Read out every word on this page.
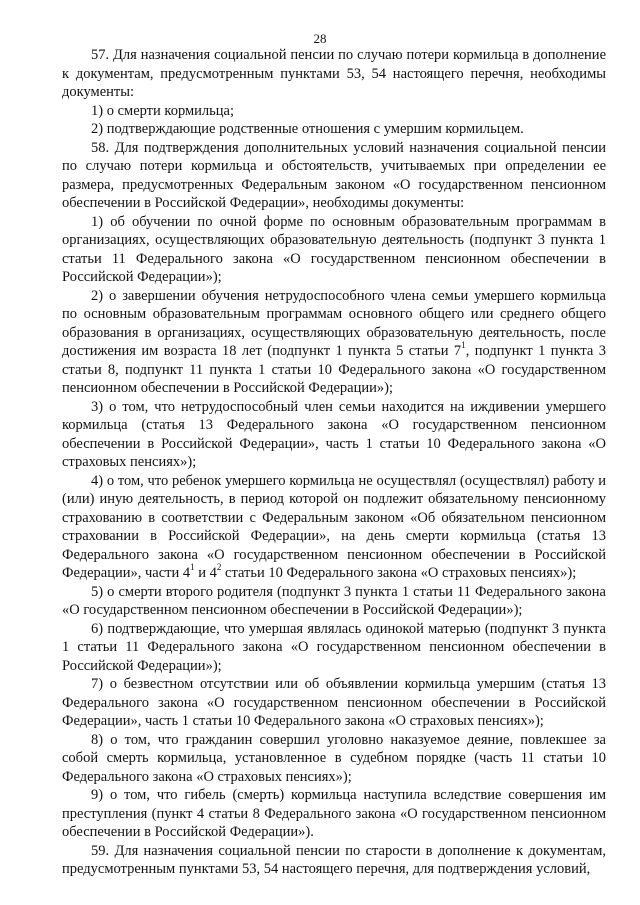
28

57. Для назначения социальной пенсии по случаю потери кормильца в дополнение к документам, предусмотренным пунктами 53, 54 настоящего перечня, необходимы документы:

1) о смерти кормильца;

2) подтверждающие родственные отношения с умершим кормильцем.

58. Для подтверждения дополнительных условий назначения социальной пенсии по случаю потери кормильца и обстоятельств, учитываемых при определении ее размера, предусмотренных Федеральным законом «О государственном пенсионном обеспечении в Российской Федерации», необходимы документы:

1) об обучении по очной форме по основным образовательным программам в организациях, осуществляющих образовательную деятельность (подпункт 3 пункта 1 статьи 11 Федерального закона «О государственном пенсионном обеспечении в Российской Федерации»);

2) о завершении обучения нетрудоспособного члена семьи умершего кормильца по основным образовательным программам основного общего или среднего общего образования в организациях, осуществляющих образовательную деятельность, после достижения им возраста 18 лет (подпункт 1 пункта 5 статьи $7^1$, подпункт 1 пункта 3 статьи 8, подпункт 11 пункта 1 статьи 10 Федерального закона «О государственном пенсионном обеспечении в Российской Федерации»);

3) о том, что нетрудоспособный член семьи находится на иждивении умершего кормильца (статья 13 Федерального закона «О государственном пенсионном обеспечении в Российской Федерации», часть 1 статьи 10 Федерального закона «О страховых пенсиях»);

4) о том, что ребенок умершего кормильца не осуществлял (осуществлял) работу и (или) иную деятельность, в период которой он подлежит обязательному пенсионному страхованию в соответствии с Федеральным законом «Об обязательном пенсионном страховании в Российской Федерации», на день смерти кормильца (статья 13 Федерального закона «О государственном пенсионном обеспечении в Российской Федерации», части $4^1$ и $4^2$ статьи 10 Федерального закона «О страховых пенсиях»);

5) о смерти второго родителя (подпункт 3 пункта 1 статьи 11 Федерального закона «О государственном пенсионном обеспечении в Российской Федерации»);

6) подтверждающие, что умершая являлась одинокой матерью (подпункт 3 пункта 1 статьи 11 Федерального закона «О государственном пенсионном обеспечении в Российской Федерации»);

7) о безвестном отсутствии или об объявлении кормильца умершим (статья 13 Федерального закона «О государственном пенсионном обеспечении в Российской Федерации», часть 1 статьи 10 Федерального закона «О страховых пенсиях»);

8) о том, что гражданин совершил уголовно наказуемое деяние, повлекшее за собой смерть кормильца, установленное в судебном порядке (часть 11 статьи 10 Федерального закона «О страховых пенсиях»);

9) о том, что гибель (смерть) кормильца наступила вследствие совершения им преступления (пункт 4 статьи 8 Федерального закона «О государственном пенсионном обеспечении в Российской Федерации»).

59. Для назначения социальной пенсии по старости в дополнение к документам, предусмотренным пунктами 53, 54 настоящего перечня, для подтверждения условий,
